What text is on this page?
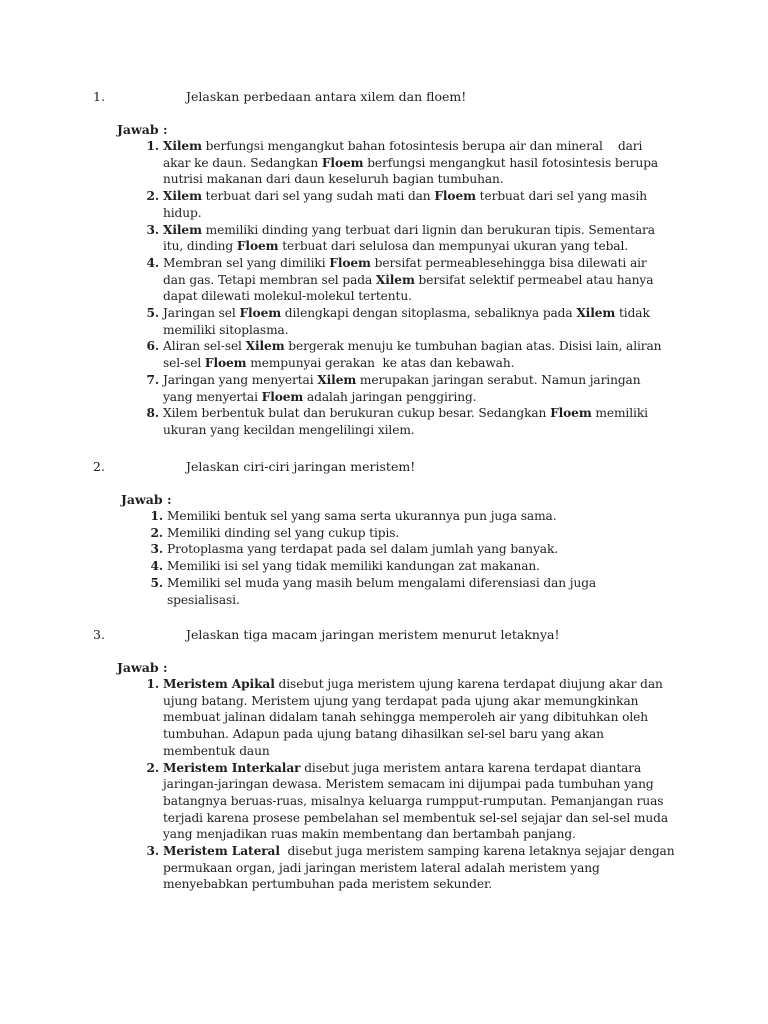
1.	Jelaskan perbedaan antara xilem dan floem!
Jawab :
1. Xilem berfungsi mengangkut bahan fotosintesis berupa air dan mineral    dari
akar ke daun. Sedangkan Floem berfungsi mengangkut hasil fotosintesis berupa
nutrisi makanan dari daun keseluruh bagian tumbuhan.
2. Xilem terbuat dari sel yang sudah mati dan Floem terbuat dari sel yang masih
hidup.
3. Xilem memiliki dinding yang terbuat dari lignin dan berukuran tipis. Sementara
itu, dinding Floem terbuat dari selulosa dan mempunyai ukuran yang tebal.
4. Membran sel yang dimiliki Floem bersifat permeablesehingga bisa dilewati air
dan gas. Tetapi membran sel pada Xilem bersifat selektif permeabel atau hanya
dapat dilewati molekul-molekul tertentu.
5. Jaringan sel Floem dilengkapi dengan sitoplasma, sebaliknya pada Xilem tidak
memiliki sitoplasma.
6. Aliran sel-sel Xilem bergerak menuju ke tumbuhan bagian atas. Disisi lain, aliran
sel-sel Floem mempunyai gerakan  ke atas dan kebawah.
7. Jaringan yang menyertai Xilem merupakan jaringan serabut. Namun jaringan
yang menyertai Floem adalah jaringan penggiring.
8. Xilem berbentuk bulat dan berukuran cukup besar. Sedangkan Floem memiliki
ukuran yang kecildan mengelilingi xilem.
2.	Jelaskan ciri-ciri jaringan meristem!
Jawab :
1. Memiliki bentuk sel yang sama serta ukurannya pun juga sama.
2. Memiliki dinding sel yang cukup tipis.
3. Protoplasma yang terdapat pada sel dalam jumlah yang banyak.
4. Memiliki isi sel yang tidak memiliki kandungan zat makanan.
5. Memiliki sel muda yang masih belum mengalami diferensiasi dan juga
spesialisasi.
3.	Jelaskan tiga macam jaringan meristem menurut letaknya!
Jawab :
1. Meristem Apikal disebut juga meristem ujung karena terdapat diujung akar dan
ujung batang. Meristem ujung yang terdapat pada ujung akar memungkinkan
membuat jalinan didalam tanah sehingga memperoleh air yang dibituhkan oleh
tumbuhan. Adapun pada ujung batang dihasilkan sel-sel baru yang akan
membentuk daun
2. Meristem Interkalar disebut juga meristem antara karena terdapat diantara
jaringan-jaringan dewasa. Meristem semacam ini dijumpai pada tumbuhan yang
batangnya beruas-ruas, misalnya keluarga rumpput-rumputan. Pemanjangan ruas
terjadi karena prosese pembelahan sel membentuk sel-sel sejajar dan sel-sel muda
yang menjadikan ruas makin membentang dan bertambah panjang.
3. Meristem Lateral  disebut juga meristem samping karena letaknya sejajar dengan
permukaan organ, jadi jaringan meristem lateral adalah meristem yang
menyebabkan pertumbuhan pada meristem sekunder.
